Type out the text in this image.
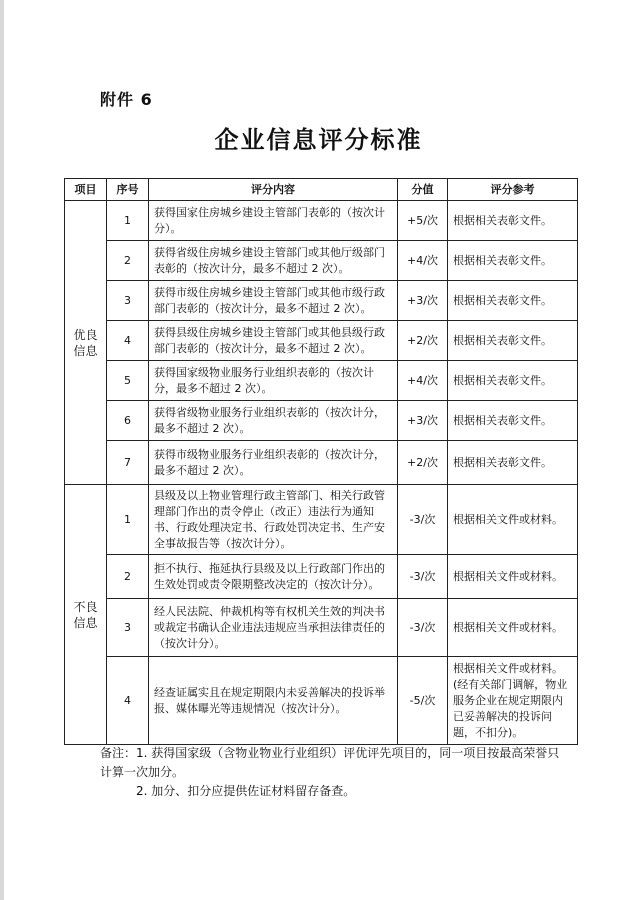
附件 6
企业信息评分标准
项目	序号	评分内容	分值	评分参考
优良信息	1	获得国家住房城乡建设主管部门表彰的（按次计分）。	+5/次	根据相关表彰文件。
	2	获得省级住房城乡建设主管部门或其他厅级部门表彰的（按次计分，最多不超过 2 次）。	+4/次	根据相关表彰文件。
	3	获得市级住房城乡建设主管部门或其他市级行政部门表彰的（按次计分，最多不超过 2 次）。	+3/次	根据相关表彰文件。
	4	获得县级住房城乡建设主管部门或其他县级行政部门表彰的（按次计分，最多不超过 2 次）。	+2/次	根据相关表彰文件。
	5	获得国家级物业服务行业组织表彰的（按次计分，最多不超过 2 次）。	+4/次	根据相关表彰文件。
	6	获得省级物业服务行业组织表彰的（按次计分，最多不超过 2 次）。	+3/次	根据相关表彰文件。
	7	获得市级物业服务行业组织表彰的（按次计分，最多不超过 2 次）。	+2/次	根据相关表彰文件。
不良信息	1	县级及以上物业管理行政主管部门、相关行政管理部门作出的责令停止（改正）违法行为通知书、行政处理决定书、行政处罚决定书、生产安全事故报告等（按次计分）。	-3/次	根据相关文件或材料。
	2	拒不执行、拖延执行县级及以上行政部门作出的生效处罚或责令限期整改决定的（按次计分）。	-3/次	根据相关文件或材料。
	3	经人民法院、仲裁机构等有权机关生效的判决书或裁定书确认企业违法违规应当承担法律责任的（按次计分）。	-3/次	根据相关文件或材料。
	4	经查证属实且在规定期限内未妥善解决的投诉举报、媒体曝光等违规情况（按次计分）。	-5/次	根据相关文件或材料。(经有关部门调解，物业服务企业在规定期限内已妥善解决的投诉问题，不扣分)。
备注：1. 获得国家级（含物业物业行业组织）评优评先项目的，同一项目按最高荣誉只计算一次加分。
2. 加分、扣分应提供佐证材料留存备查。
